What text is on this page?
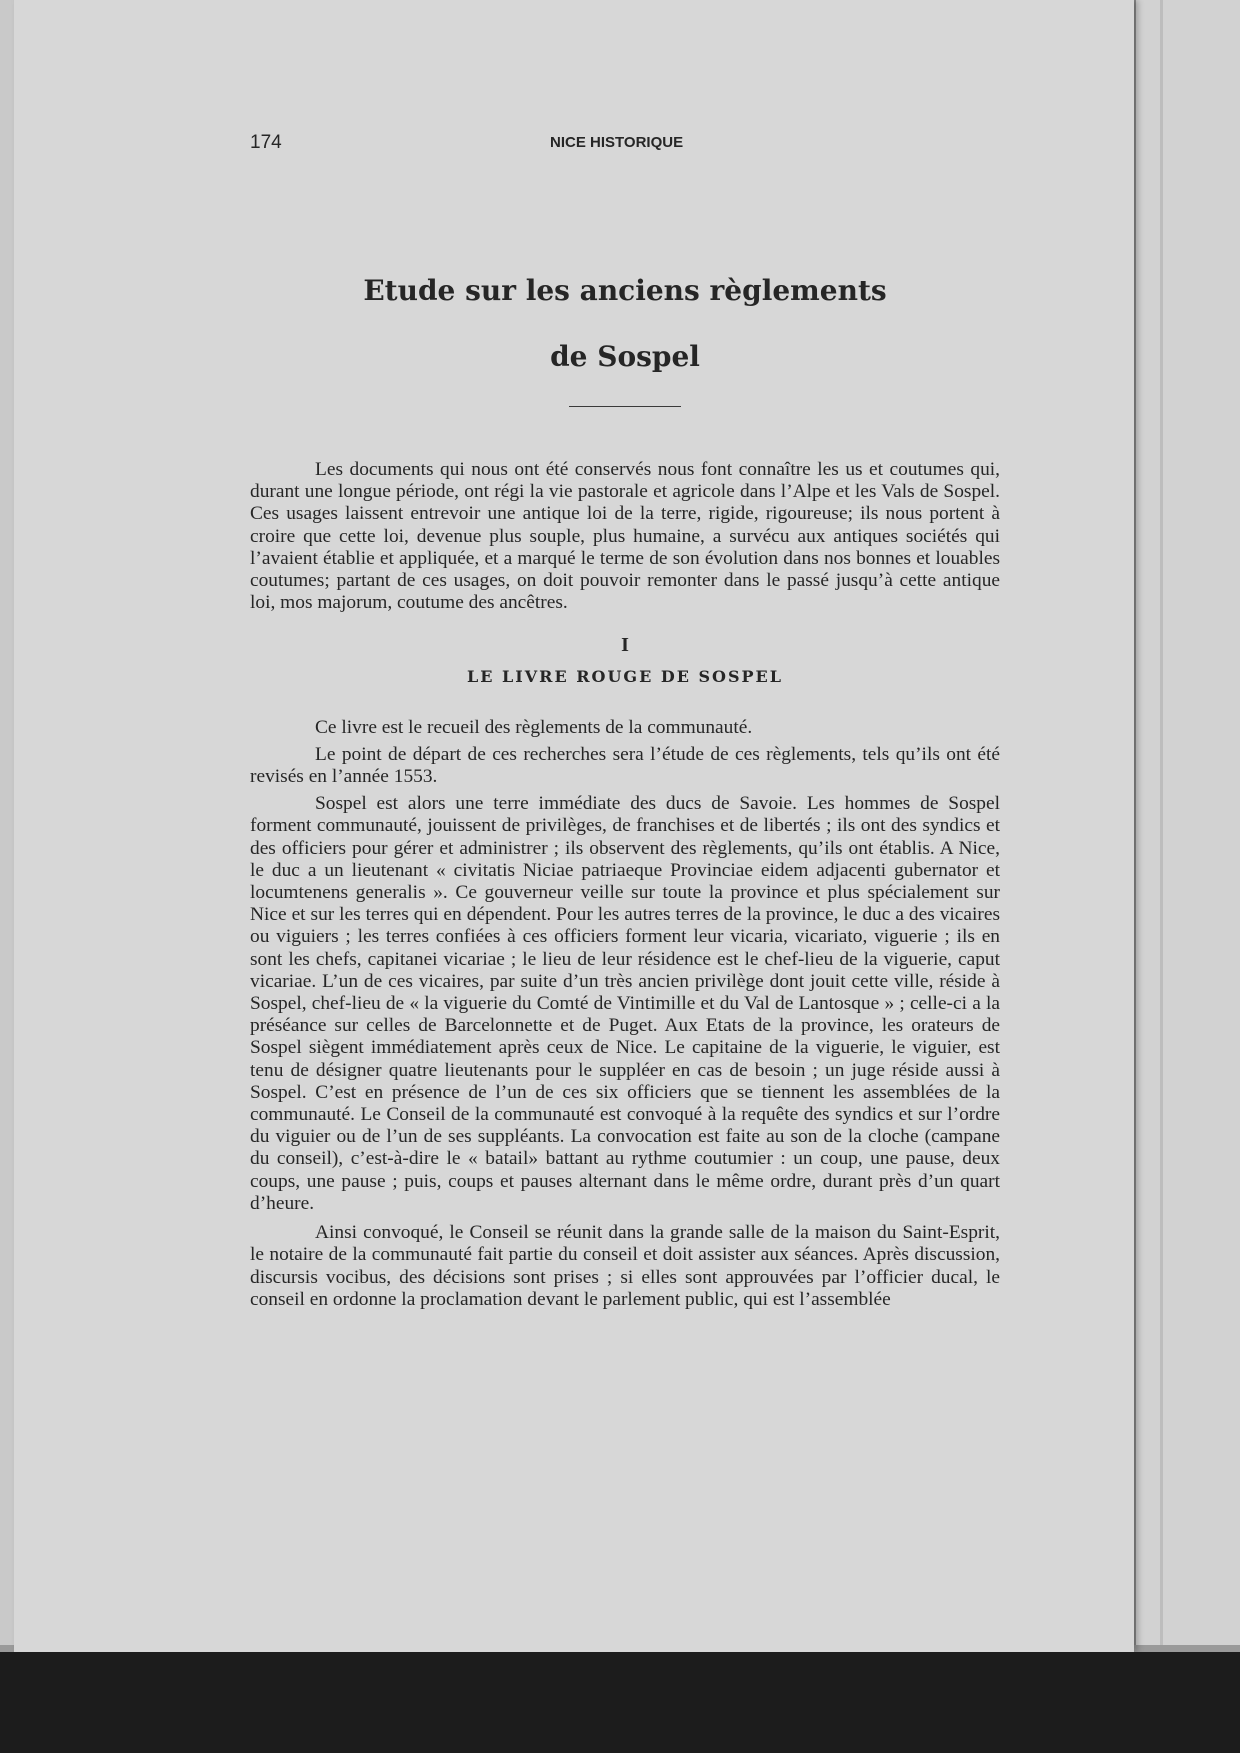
174	NICE HISTORIQUE
Etude sur les anciens règlements
de Sospel

Les documents qui nous ont été conservés nous font connaître les us et coutumes qui, durant une longue période, ont régi la vie pastorale et agricole dans l’Alpe et les Vals de Sospel. Ces usages laissent entrevoir une antique loi de la terre, rigide, rigoureuse; ils nous portent à croire que cette loi, devenue plus souple, plus humaine, a survécu aux antiques sociétés qui l’avaient établie et appliquée, et a marqué le terme de son évolution dans nos bonnes et louables coutumes; partant de ces usages, on doit pouvoir remonter dans le passé jusqu’à cette antique loi, mos majorum, coutume des ancêtres.

I
LE LIVRE ROUGE DE SOSPEL

Ce livre est le recueil des règlements de la communauté.

Le point de départ de ces recherches sera l’étude de ces règlements, tels qu’ils ont été revisés en l’année 1553.

Sospel est alors une terre immédiate des ducs de Savoie. Les hommes de Sospel forment communauté, jouissent de privilèges, de franchises et de libertés ; ils ont des syndics et des officiers pour gérer et administrer ; ils observent des règlements, qu’ils ont établis. A Nice, le duc a un lieutenant « civitatis Niciae patriaeque Provinciae eidem adjacenti gubernator et locumtenens generalis ». Ce gouverneur veille sur toute la province et plus spécialement sur Nice et sur les terres qui en dépendent. Pour les autres terres de la province, le duc a des vicaires ou viguiers ; les terres confiées à ces officiers forment leur vicaria, vicariato, viguerie ; ils en sont les chefs, capitanei vicariae ; le lieu de leur résidence est le chef-lieu de la viguerie, caput vicariae. L’un de ces vicaires, par suite d’un très ancien privilège dont jouit cette ville, réside à Sospel, chef-lieu de « la viguerie du Comté de Vintimille et du Val de Lantosque » ; celle-ci a la préséance sur celles de Barcelonnette et de Puget. Aux Etats de la province, les orateurs de Sospel siègent immédiatement après ceux de Nice. Le capitaine de la viguerie, le viguier, est tenu de désigner quatre lieutenants pour le suppléer en cas de besoin ; un juge réside aussi à Sospel. C’est en présence de l’un de ces six officiers que se tiennent les assemblées de la communauté. Le Conseil de la communauté est convoqué à la requête des syndics et sur l’ordre du viguier ou de l’un de ses suppléants. La convocation est faite au son de la cloche (campane du conseil), c’est-à-dire le « batail» battant au rythme coutumier : un coup, une pause, deux coups, une pause ; puis, coups et pauses alternant dans le même ordre, durant près d’un quart d’heure.

Ainsi convoqué, le Conseil se réunit dans la grande salle de la maison du Saint-Esprit, le notaire de la communauté fait partie du conseil et doit assister aux séances. Après discussion, discursis vocibus, des décisions sont prises ; si elles sont approuvées par l’officier ducal, le conseil en ordonne la proclamation devant le parlement public, qui est l’assemblée
